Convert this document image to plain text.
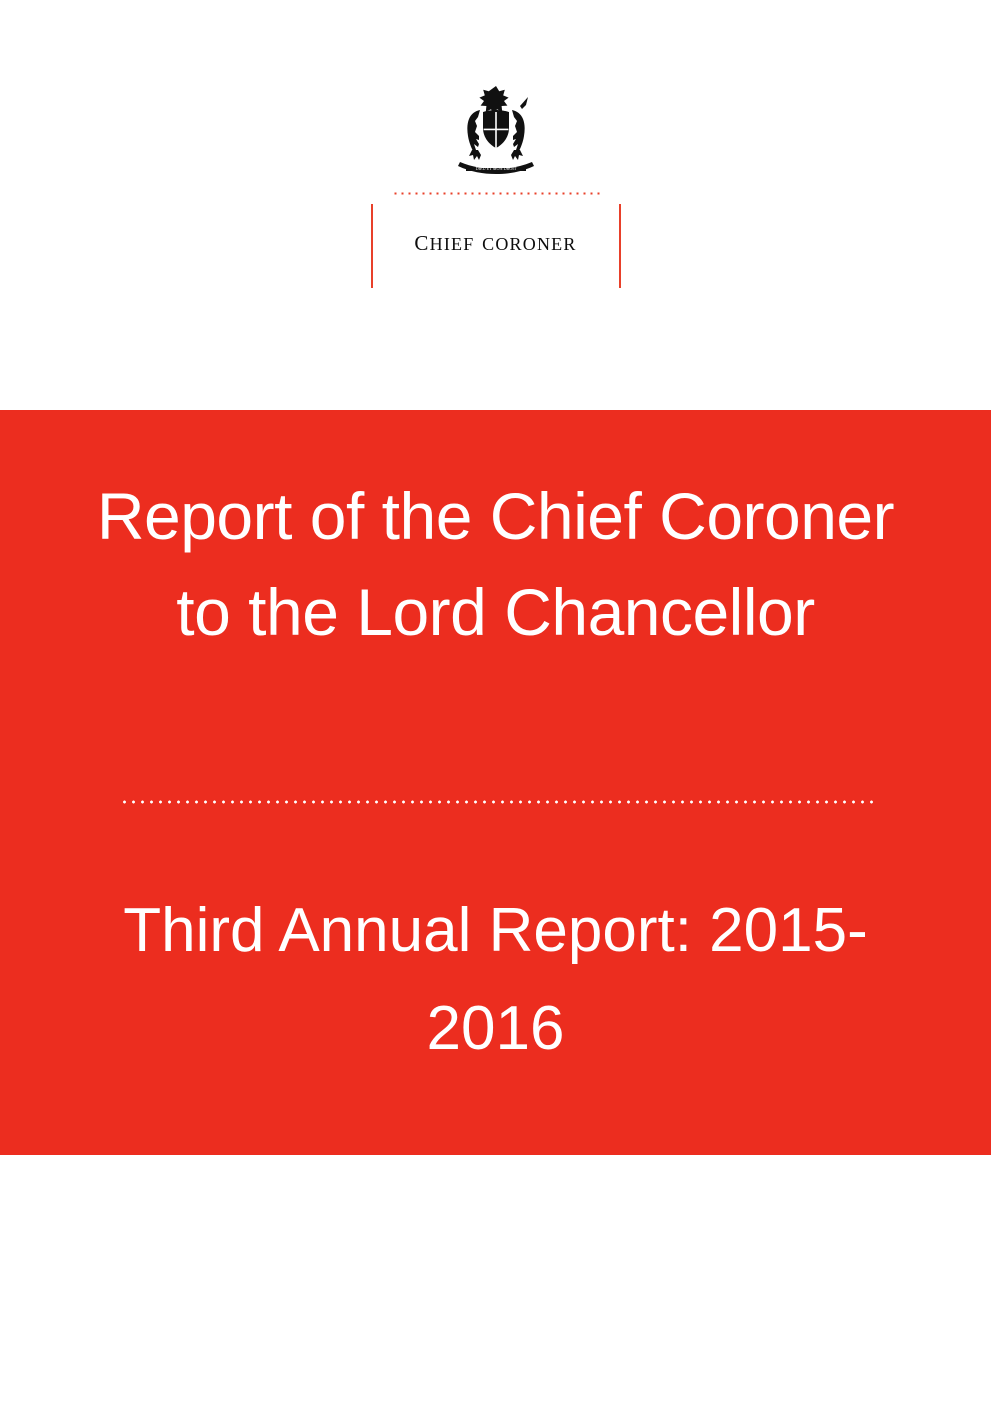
DIEU ET MON DROIT
chief coroner
Report of the Chief Coroner to the Lord Chancellor
Third Annual Report: 2015-2016
